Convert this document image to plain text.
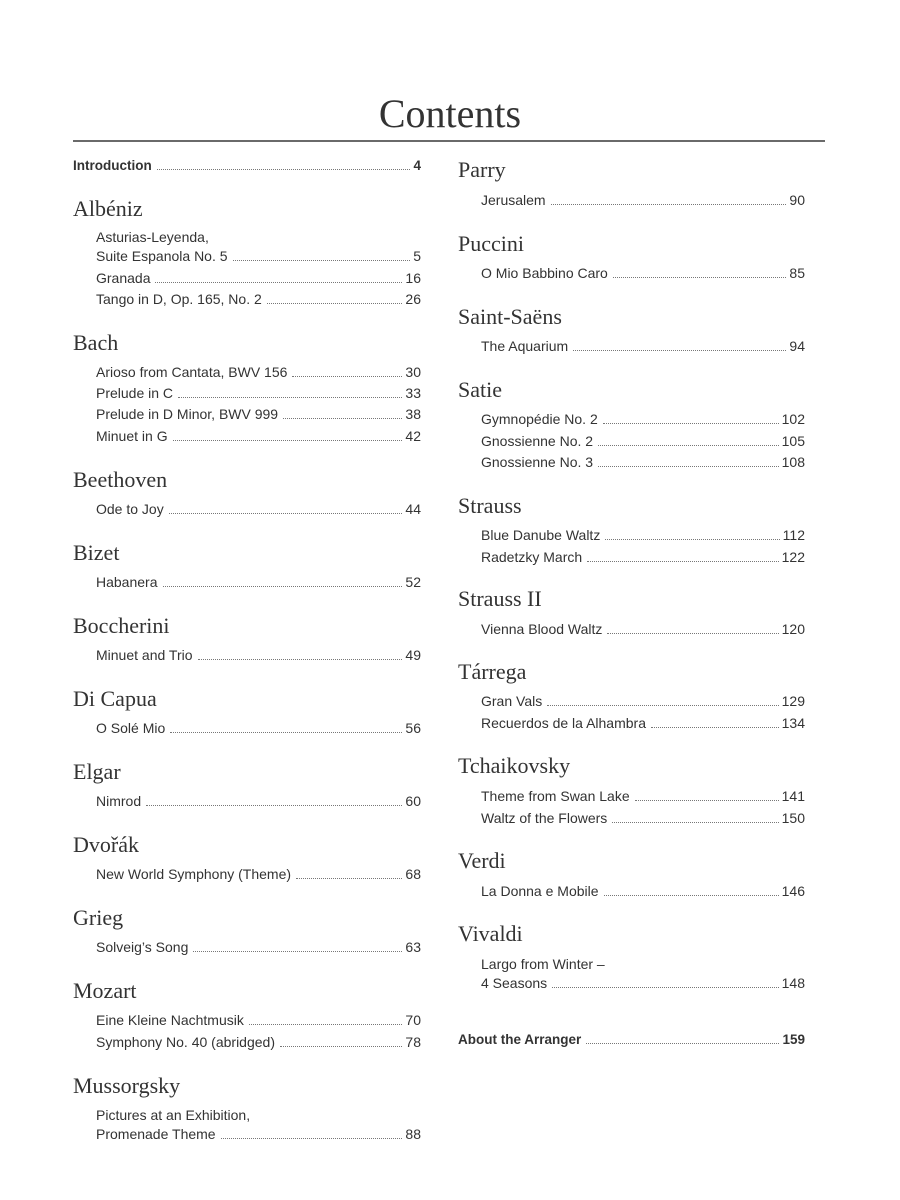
Contents
Introduction	4
Albéniz
Asturias-Leyenda,
Suite Espanola No. 5	5
Granada	16
Tango in D, Op. 165, No. 2	26
Bach
Arioso from Cantata, BWV 156	30
Prelude in C	33
Prelude in D Minor, BWV 999	38
Minuet in G	42
Beethoven
Ode to Joy	44
Bizet
Habanera	52
Boccherini
Minuet and Trio	49
Di Capua
O Solé Mio	56
Elgar
Nimrod	60
Dvořák
New World Symphony (Theme)	68
Grieg
Solveig’s Song	63
Mozart
Eine Kleine Nachtmusik	70
Symphony No. 40 (abridged)	78
Mussorgsky
Pictures at an Exhibition,
Promenade Theme	88
Parry
Jerusalem	90
Puccini
O Mio Babbino Caro	85
Saint-Saëns
The Aquarium	94
Satie
Gymnopédie No. 2	102
Gnossienne No. 2	105
Gnossienne No. 3	108
Strauss
Blue Danube Waltz	112
Radetzky March	122
Strauss II
Vienna Blood Waltz	120
Tárrega
Gran Vals	129
Recuerdos de la Alhambra	134
Tchaikovsky
Theme from Swan Lake	141
Waltz of the Flowers	150
Verdi
La Donna e Mobile	146
Vivaldi
Largo from Winter –
4 Seasons	148
About the Arranger	159
